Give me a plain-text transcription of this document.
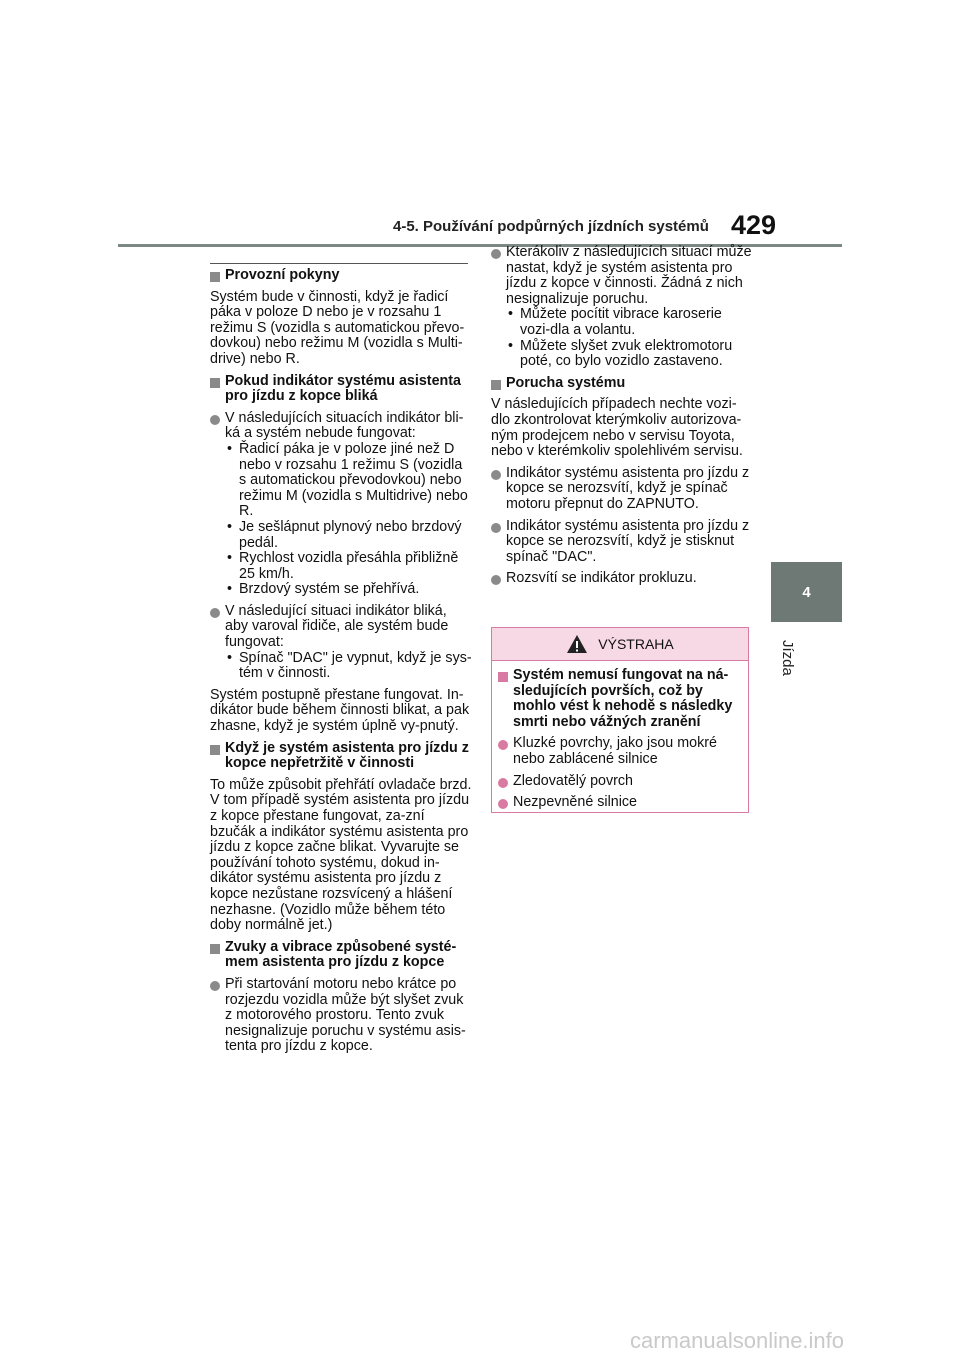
4-5. Používání podpůrných jízdních systémů 429
4
Jízda
Provozní pokyny

Systém bude v činnosti, když je řadicí páka v poloze D nebo je v rozsahu 1 režimu S (vozidla s automatickou převo-dovkou) nebo režimu M (vozidla s Multi-drive) nebo R.

Pokud indikátor systému asistenta pro jízdu z kopce bliká

V následujících situacích indikátor bli-ká a systém nebude fungovat:

• Řadicí páka je v poloze jiné než D nebo v rozsahu 1 režimu S (vozidla s automatickou převodovkou) nebo režimu M (vozidla s Multidrive) nebo R.

• Je sešlápnut plynový nebo brzdový pedál.

• Rychlost vozidla přesáhla přibližně 25 km/h.

• Brzdový systém se přehřívá.

V následující situaci indikátor bliká, aby varoval řidiče, ale systém bude fungovat:

• Spínač "DAC" je vypnut, když je sys-tém v činnosti.

Systém postupně přestane fungovat. In-dikátor bude během činnosti blikat, a pak zhasne, když je systém úplně vy-pnutý.

Když je systém asistenta pro jízdu z kopce nepřetržitě v činnosti

To může způsobit přehřátí ovladače brzd. V tom případě systém asistenta pro jízdu z kopce přestane fungovat, za-zní bzučák a indikátor systému asistenta pro jízdu z kopce začne blikat. Vyvarujte se používání tohoto systému, dokud in-dikátor systému asistenta pro jízdu z kopce nezůstane rozsvícený a hlášení nezhasne. (Vozidlo může během této doby normálně jet.)

Zvuky a vibrace způsobené systé-mem asistenta pro jízdu z kopce

Při startování motoru nebo krátce po rozjezdu vozidla může být slyšet zvuk z motorového prostoru. Tento zvuk nesignalizuje poruchu v systému asis-tenta pro jízdu z kopce.

Kterákoliv z následujících situací může nastat, když je systém asistenta pro jízdu z kopce v činnosti. Žádná z nich nesignalizuje poruchu.

• Můžete pocítit vibrace karoserie vozi-dla a volantu.

• Můžete slyšet zvuk elektromotoru poté, co bylo vozidlo zastaveno.

Porucha systému

V následujících případech nechte vozi-dlo zkontrolovat kterýmkoliv autorizova-ným prodejcem nebo v servisu Toyota, nebo v kterémkoliv spolehlivém servisu.

Indikátor systému asistenta pro jízdu z kopce se nerozsvítí, když je spínač motoru přepnut do ZAPNUTO.

Indikátor systému asistenta pro jízdu z kopce se nerozsvítí, když je stisknut spínač "DAC".

Rozsvítí se indikátor prokluzu.

VÝSTRAHA
Systém nemusí fungovat na ná-sledujících površích, což by mohlo vést k nehodě s následky smrti nebo vážných zranění

Kluzké povrchy, jako jsou mokré nebo zablácené silnice

Zledovatělý povrch

Nezpevněné silnice

carmanualsonline.info
